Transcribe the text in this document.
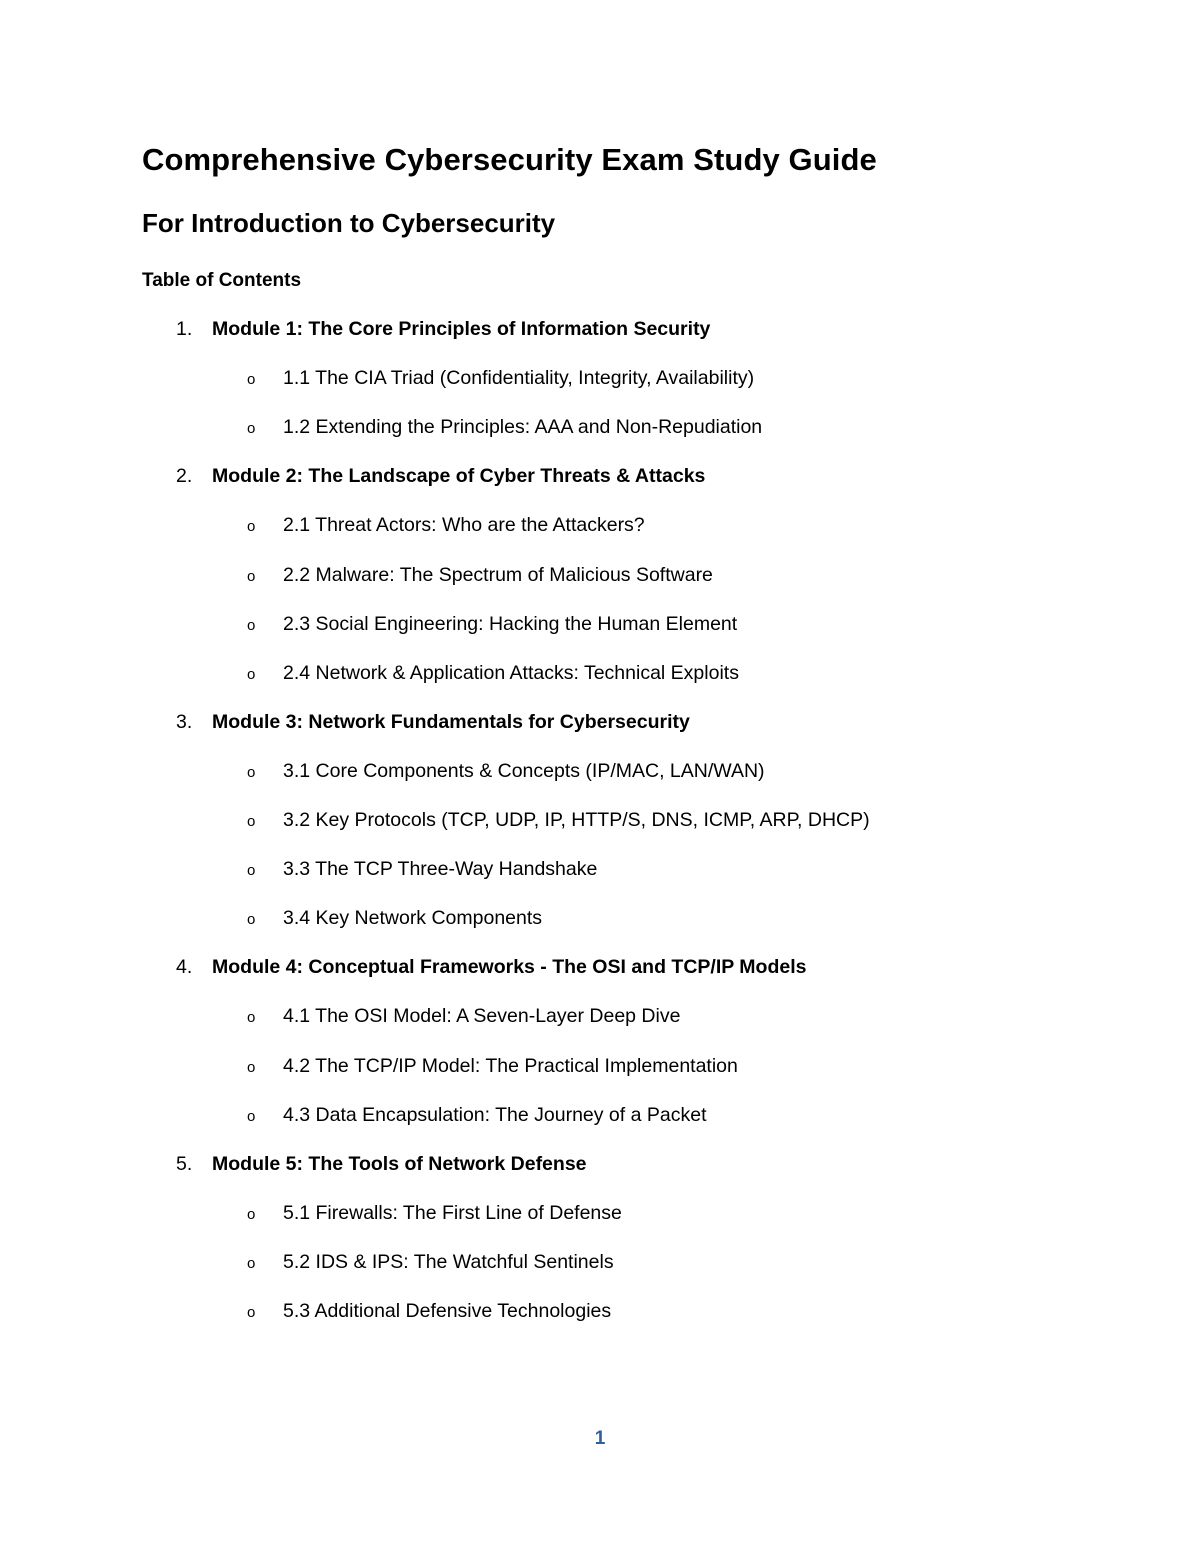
Comprehensive Cybersecurity Exam Study Guide
For Introduction to Cybersecurity
Table of Contents
1.	Module 1: The Core Principles of Information Security
o 1.1 The CIA Triad (Confidentiality, Integrity, Availability)
o 1.2 Extending the Principles: AAA and Non-Repudiation
2.	Module 2: The Landscape of Cyber Threats & Attacks
o 2.1 Threat Actors: Who are the Attackers?
o 2.2 Malware: The Spectrum of Malicious Software
o 2.3 Social Engineering: Hacking the Human Element
o 2.4 Network & Application Attacks: Technical Exploits
3.	Module 3: Network Fundamentals for Cybersecurity
o 3.1 Core Components & Concepts (IP/MAC, LAN/WAN)
o 3.2 Key Protocols (TCP, UDP, IP, HTTP/S, DNS, ICMP, ARP, DHCP)
o 3.3 The TCP Three-Way Handshake
o 3.4 Key Network Components
4.	Module 4: Conceptual Frameworks - The OSI and TCP/IP Models
o 4.1 The OSI Model: A Seven-Layer Deep Dive
o 4.2 The TCP/IP Model: The Practical Implementation
o 4.3 Data Encapsulation: The Journey of a Packet
5.	Module 5: The Tools of Network Defense
o 5.1 Firewalls: The First Line of Defense
o 5.2 IDS & IPS: The Watchful Sentinels
o 5.3 Additional Defensive Technologies
1
